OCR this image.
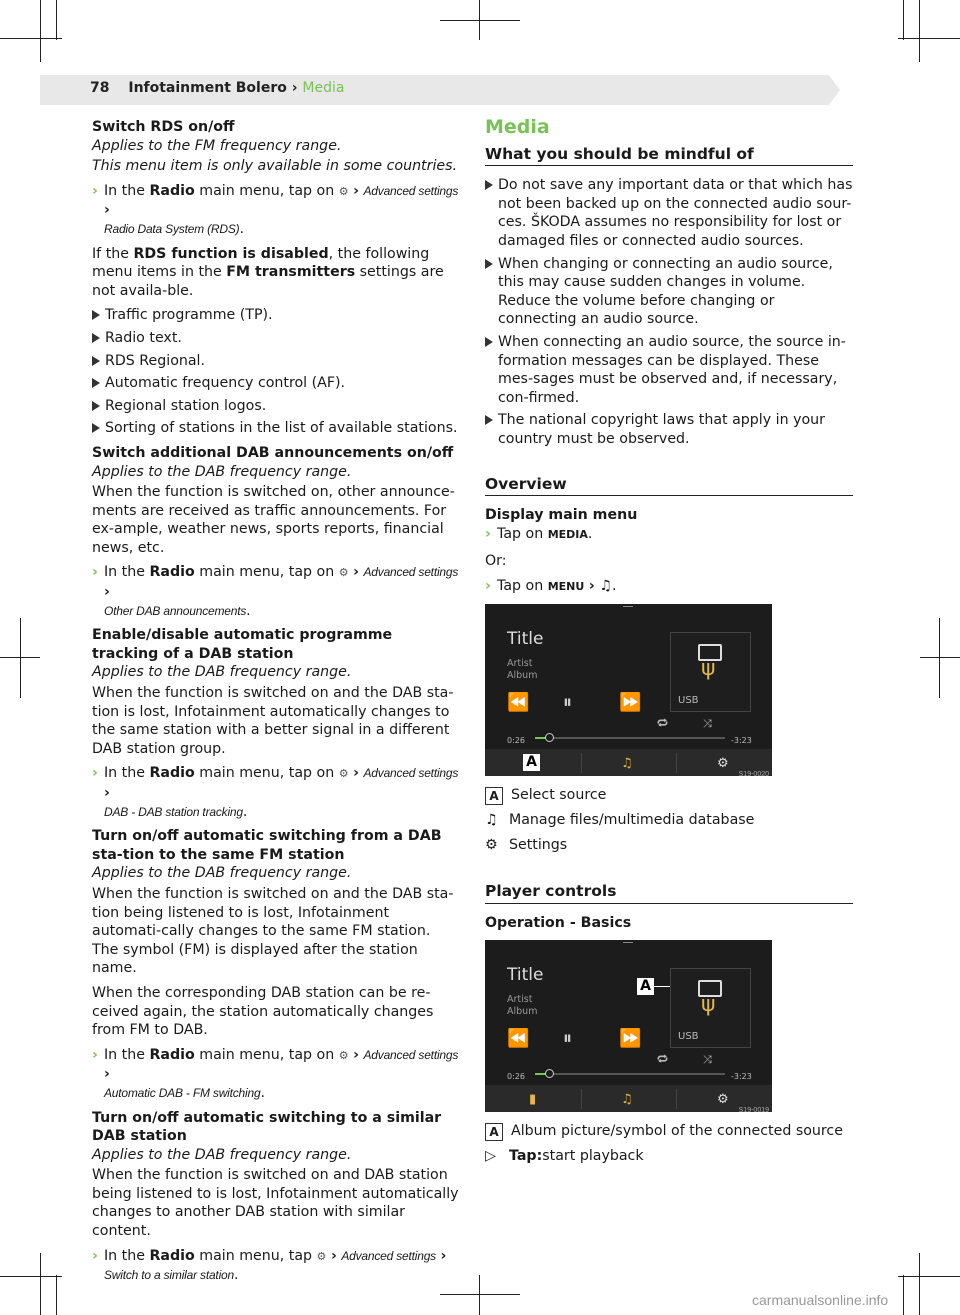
78 Infotainment Bolero › Media

Switch RDS on/off
Applies to the FM frequency range.

This menu item is only available in some countries.

› In the Radio main menu, tap on ⚙ › Advanced settings ›
Radio Data System (RDS).

If the RDS function is disabled, the following menu items in the FM transmitters settings are not availa-ble.

Traffic programme (TP).
Radio text.
RDS Regional.
Automatic frequency control (AF).
Regional station logos.
Sorting of stations in the list of available stations.

Switch additional DAB announcements on/off
Applies to the DAB frequency range.

When the function is switched on, other announce-ments are received as traffic announcements. For ex-ample, weather news, sports reports, financial news, etc.

› In the Radio main menu, tap on ⚙ › Advanced settings ›
Other DAB announcements.

Enable/disable automatic programme tracking of a DAB station
Applies to the DAB frequency range.

When the function is switched on and the DAB sta-tion is lost, Infotainment automatically changes to the same station with a better signal in a different DAB station group.

› In the Radio main menu, tap on ⚙ › Advanced settings ›
DAB - DAB station tracking.

Turn on/off automatic switching from a DAB sta-tion to the same FM station
Applies to the DAB frequency range.

When the function is switched on and the DAB sta-tion being listened to is lost, Infotainment automati-cally changes to the same FM station. The symbol (FM) is displayed after the station name.

When the corresponding DAB station can be re-ceived again, the station automatically changes from FM to DAB.

› In the Radio main menu, tap on ⚙ › Advanced settings ›
Automatic DAB - FM switching.

Turn on/off automatic switching to a similar DAB station
Applies to the DAB frequency range.

When the function is switched on and DAB station being listened to is lost, Infotainment automatically changes to another DAB station with similar content.

› In the Radio main menu, tap ⚙ › Advanced settings ›
Switch to a similar station.
Media
What you should be mindful of
Do not save any important data or that which has not been backed up on the connected audio sour-ces. ŠKODA assumes no responsibility for lost or damaged files or connected audio sources.
When changing or connecting an audio source, this may cause sudden changes in volume. Reduce the volume before changing or connecting an audio source.
When connecting an audio source, the source in-formation messages can be displayed. These mes-sages must be observed and, if necessary, con-firmed.
The national copyright laws that apply in your country must be observed.
Overview

Display main menu

› Tap on MEDIA.

Or:

› Tap on MENU › ♫.
Title
Artist
Album
⏪ ⏸	⏩
ψ
USB
🔁︎	⤨
0:26	-3:23
A	♫	⚙
S19-0020
A Select source
♫ Manage files/multimedia database
⚙ Settings
Player controls

Operation - Basics

Title
Artist
Album
⏪ ⏸	⏩
ψ
USB
A
🔁︎	⤨
0:26	-3:23
▮	♫	⚙
S19-0019
A Album picture/symbol of the connected source
▷ Tap: start playback
carmanualsonline.info
